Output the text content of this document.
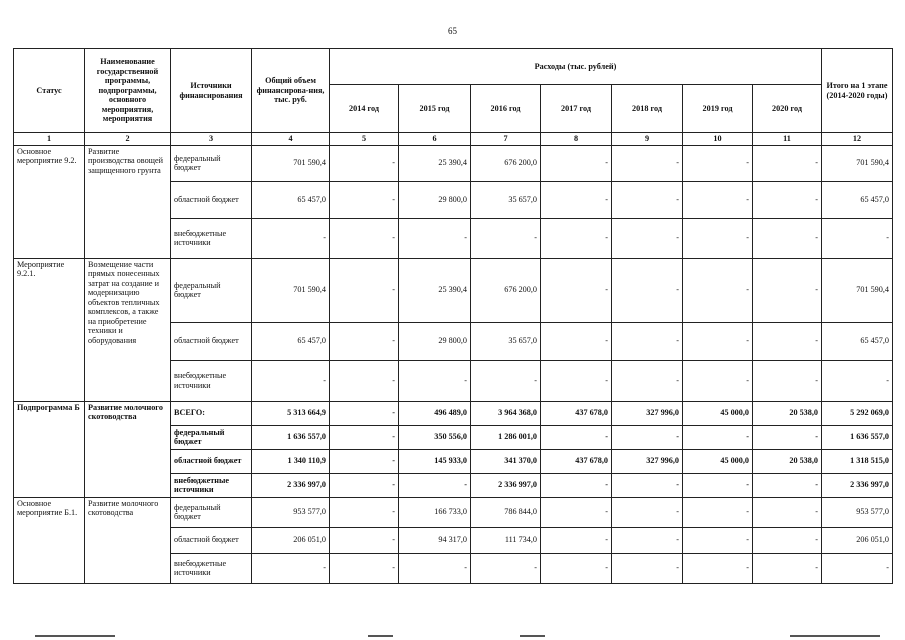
65
Статус	Наименование государственной программы, подпрограммы, основного мероприятия, мероприятия	Источники финансирования	Общий объем финансирова-ния, тыс. руб.	Расходы (тыс. рублей)							Итого на 1 этапе (2014-2020 годы)
				2014 год	2015 год	2016 год	2017 год	2018 год	2019 год	2020 год	
1	2	3	4	5	6	7	8	9	10	11	12
Основное мероприятие 9.2.	Развитие производства овощей защищенного грунта	федеральный бюджет	701 590,4	-	25 390,4	676 200,0	-	-	-	-	701 590,4
		областной бюджет	65 457,0	-	29 800,0	35 657,0	-	-	-	-	65 457,0
		внебюджетные источники	-	-	-	-	-	-	-	-	-
Мероприятие 9.2.1.	Возмещение части прямых понесенных затрат на создание и модернизацию объектов тепличных комплексов, а также на приобретение техники и оборудования	федеральный бюджет	701 590,4	-	25 390,4	676 200,0	-	-	-	-	701 590,4
		областной бюджет	65 457,0	-	29 800,0	35 657,0	-	-	-	-	65 457,0
		внебюджетные источники	-	-	-	-	-	-	-	-	-
Подпрограмма Б	Развитие молочного скотоводства	ВСЕГО:	5 313 664,9	-	496 489,0	3 964 368,0	437 678,0	327 996,0	45 000,0	20 538,0	5 292 069,0
		федеральный бюджет	1 636 557,0	-	350 556,0	1 286 001,0	-	-	-	-	1 636 557,0
		областной бюджет	1 340 110,9	-	145 933,0	341 370,0	437 678,0	327 996,0	45 000,0	20 538,0	1 318 515,0
		внебюджетные источники	2 336 997,0	-	-	2 336 997,0	-	-	-	-	2 336 997,0
Основное мероприятие Б.1.	Развитие молочного скотоводства	федеральный бюджет	953 577,0	-	166 733,0	786 844,0	-	-	-	-	953 577,0
		областной бюджет	206 051,0	-	94 317,0	111 734,0	-	-	-	-	206 051,0
		внебюджетные источники	-	-	-	-	-	-	-	-	-
